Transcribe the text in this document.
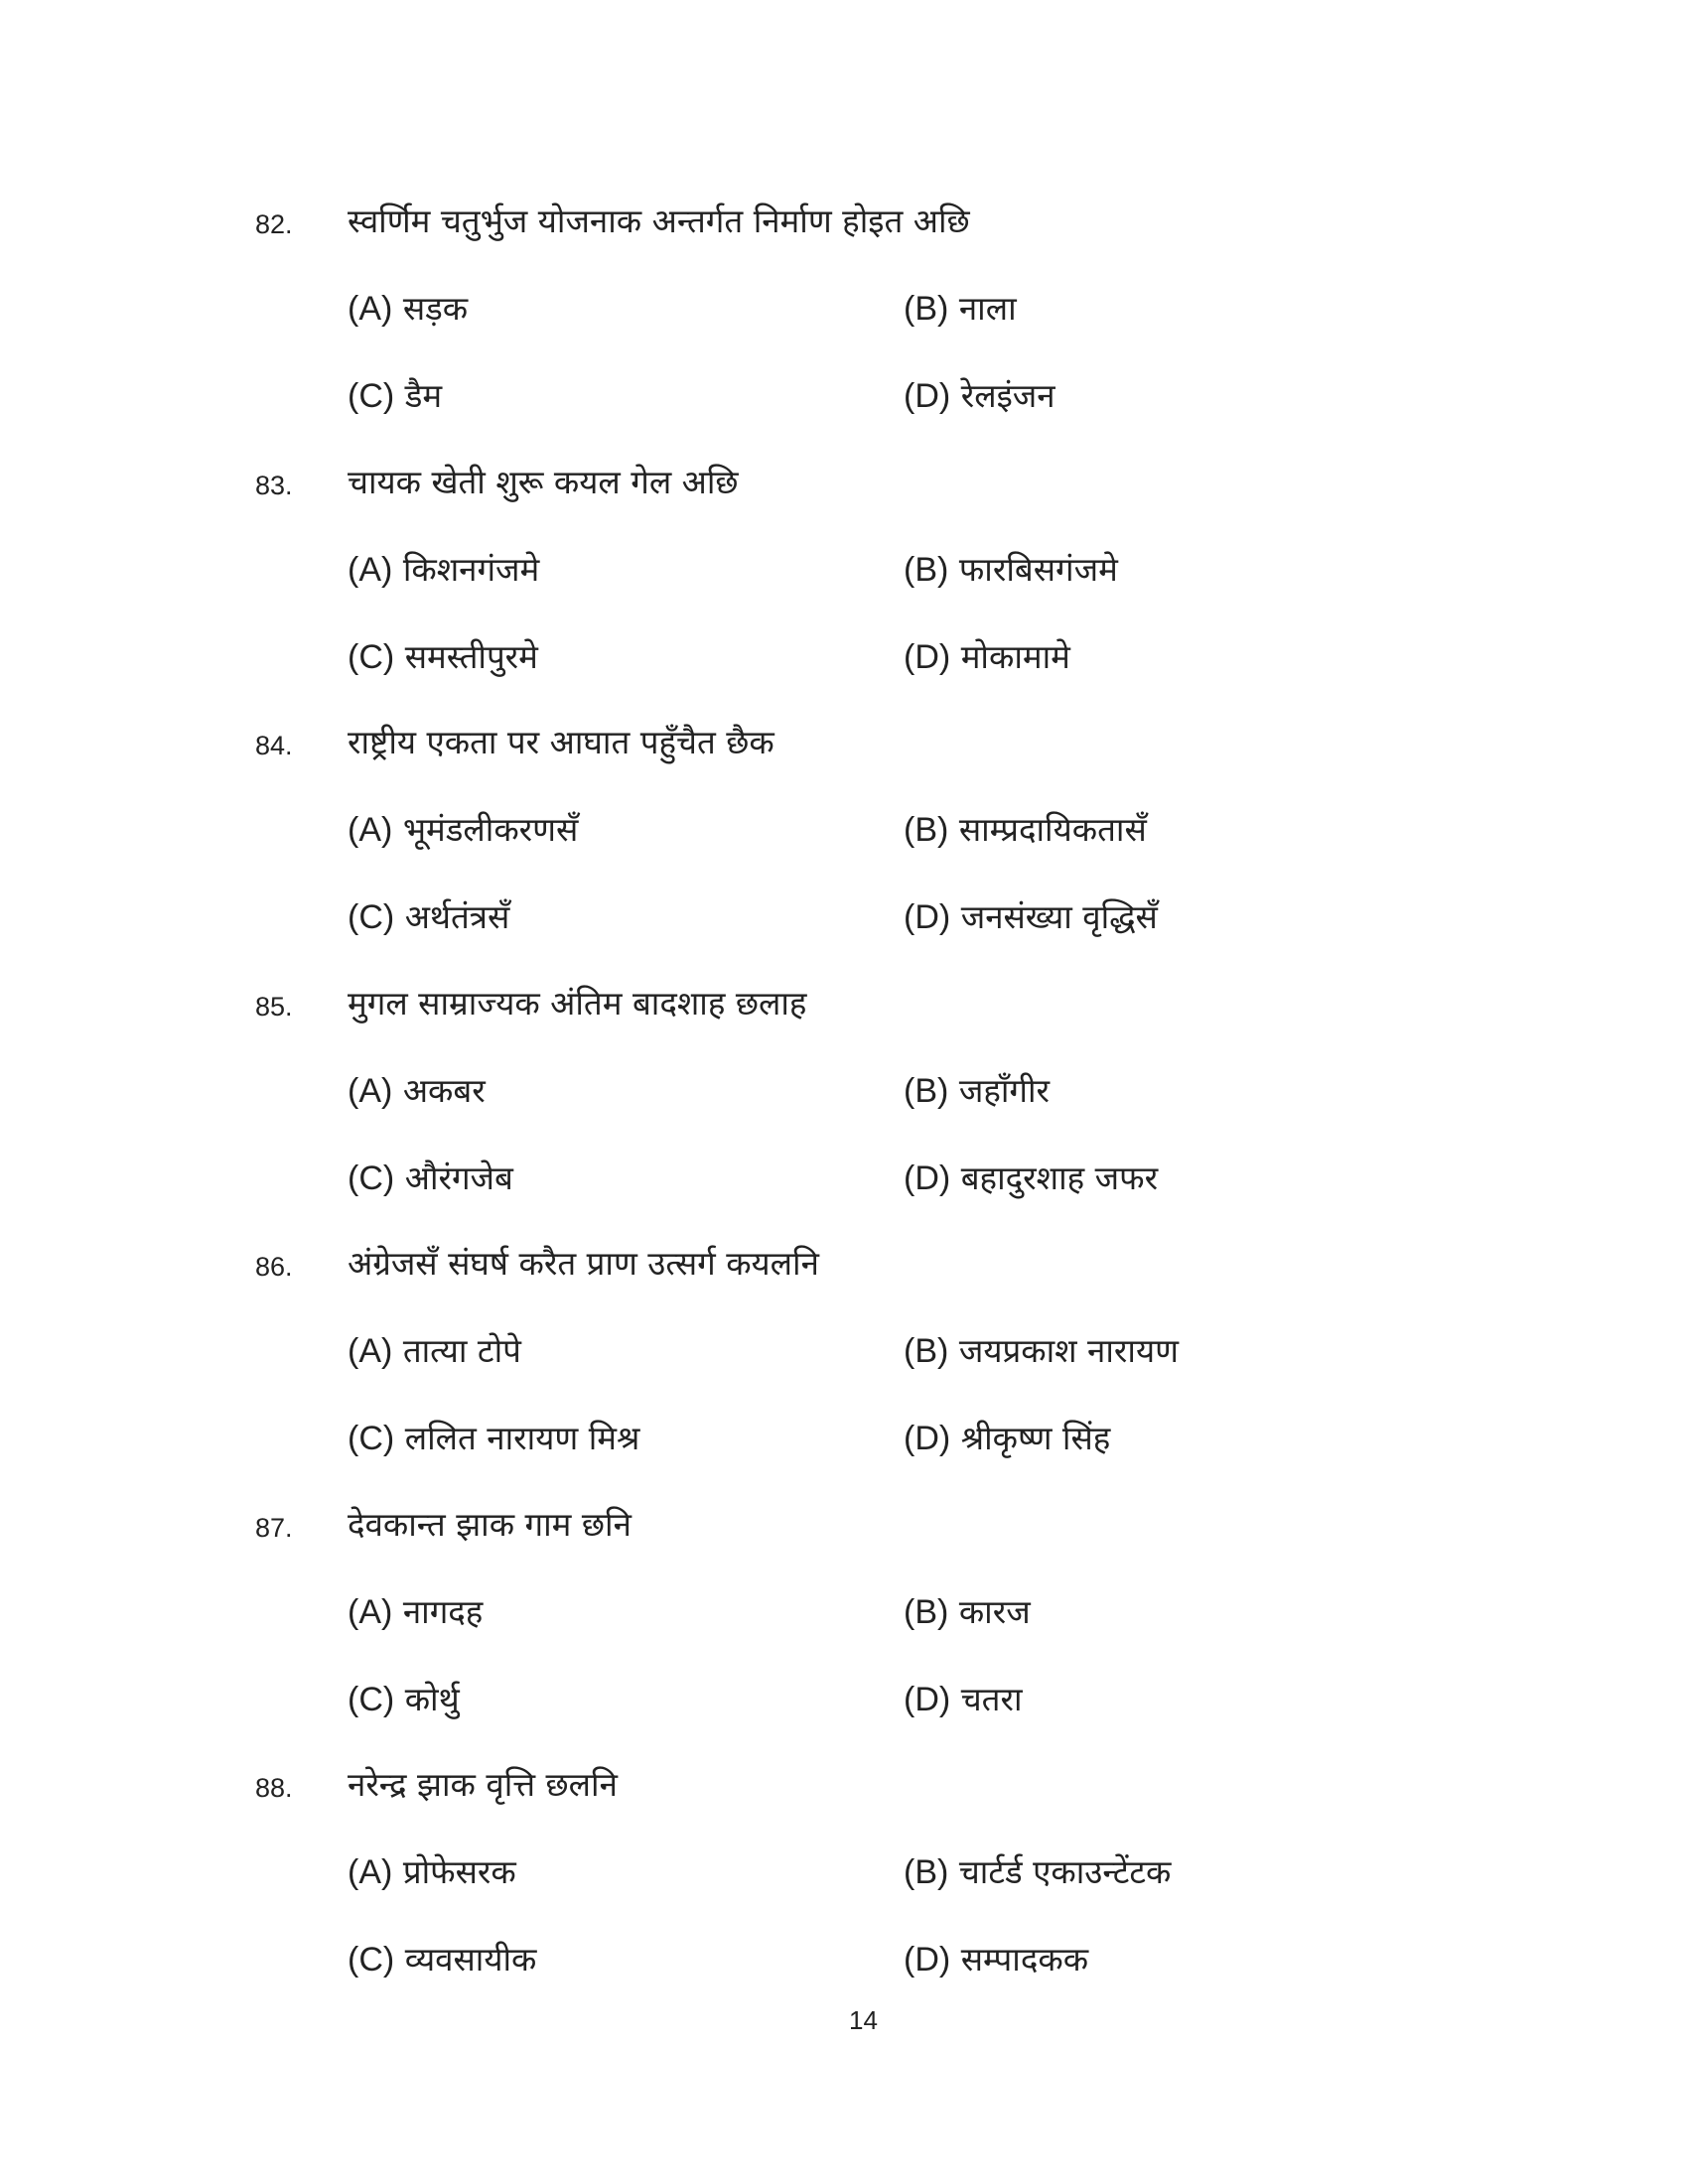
82. स्वर्णिम चतुर्भुज योजनाक अन्तर्गत निर्माण होइत अछि
(A) सड़क	(B) नाला
(C) डैम	(D) रेलइंजन
83. चायक खेती शुरू कयल गेल अछि
(A) किशनगंजमे	(B) फारबिसगंजमे
(C) समस्तीपुरमे	(D) मोकामामे
84. राष्ट्रीय एकता पर आघात पहुँचैत छैक
(A) भूमंडलीकरणसँ	(B) साम्प्रदायिकतासँ
(C) अर्थतंत्रसँ	(D) जनसंख्या वृद्धिसँ
85. मुगल साम्राज्यक अंतिम बादशाह छलाह
(A) अकबर	(B) जहाँगीर
(C) औरंगजेब	(D) बहादुरशाह जफर
86. अंग्रेजसँ संघर्ष करैत प्राण उत्सर्ग कयलनि
(A) तात्या टोपे	(B) जयप्रकाश नारायण
(C) ललित नारायण मिश्र	(D) श्रीकृष्ण सिंह
87. देवकान्त झाक गाम छनि
(A) नागदह	(B) कारज
(C) कोर्थु	(D) चतरा
88. नरेन्द्र झाक वृत्ति छलनि
(A) प्रोफेसरक	(B) चार्टर्ड एकाउन्टेंटक
(C) व्यवसायीक	(D) सम्पादकक
14
